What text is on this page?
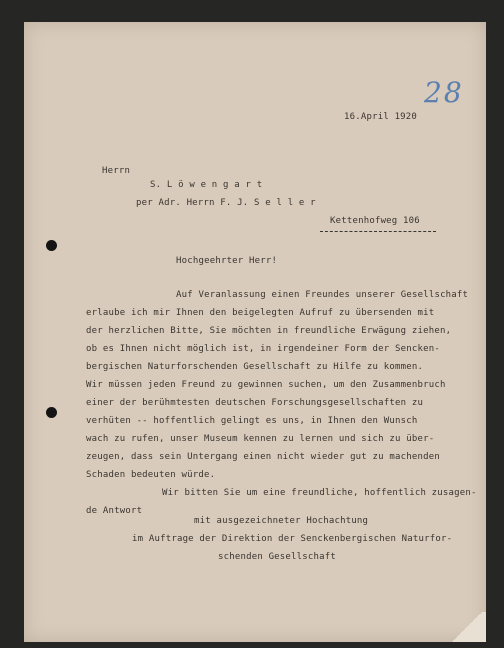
28
16.April 1920
Herrn
S. L ö w e n g a r t
per Adr. Herrn F. J. S e l l e r
Kettenhofweg 106
Hochgeehrter Herr!
Auf Veranlassung einen Freundes unserer Gesellschaft
erlaube ich mir Ihnen den beigelegten Aufruf zu übersenden mit
der herzlichen Bitte, Sie möchten in freundliche Erwägung ziehen,
ob es Ihnen nicht möglich ist, in irgendeiner Form der Sencken-
bergischen Naturforschenden Gesellschaft zu Hilfe zu kommen.
Wir müssen jeden Freund zu gewinnen suchen, um den Zusammenbruch
einer der berühmtesten deutschen Forschungsgesellschaften zu
verhüten -- hoffentlich gelingt es uns, in Ihnen den Wunsch
wach zu rufen, unser Museum kennen zu lernen und sich zu über-
zeugen, dass sein Untergang einen nicht wieder gut zu machenden
Schaden bedeuten würde.
Wir bitten Sie um eine freundliche, hoffentlich zusagen-
de Antwort
mit ausgezeichneter Hochachtung
im Auftrage der Direktion der Senckenbergischen Naturfor-
schenden Gesellschaft
